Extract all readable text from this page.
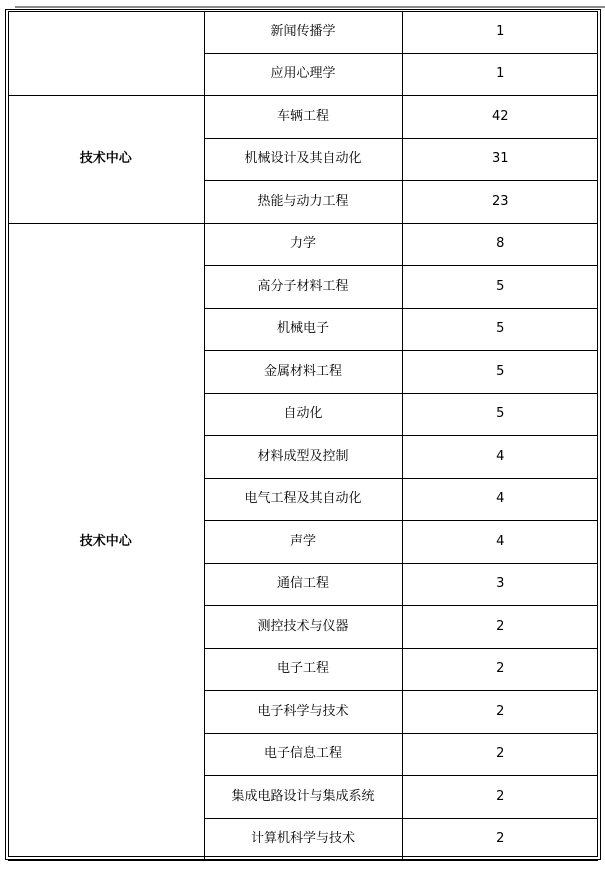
	新闻传播学	1
	应用心理学	1
技术中心	车辆工程	42
	机械设计及其自动化	31
	热能与动力工程	23
技术中心	力学	8
	高分子材料工程	5
	机械电子	5
	金属材料工程	5
	自动化	5
	材料成型及控制	4
	电气工程及其自动化	4
	声学	4
	通信工程	3
	测控技术与仪器	2
	电子工程	2
	电子科学与技术	2
	电子信息工程	2
	集成电路设计与集成系统	2
	计算机科学与技术	2
